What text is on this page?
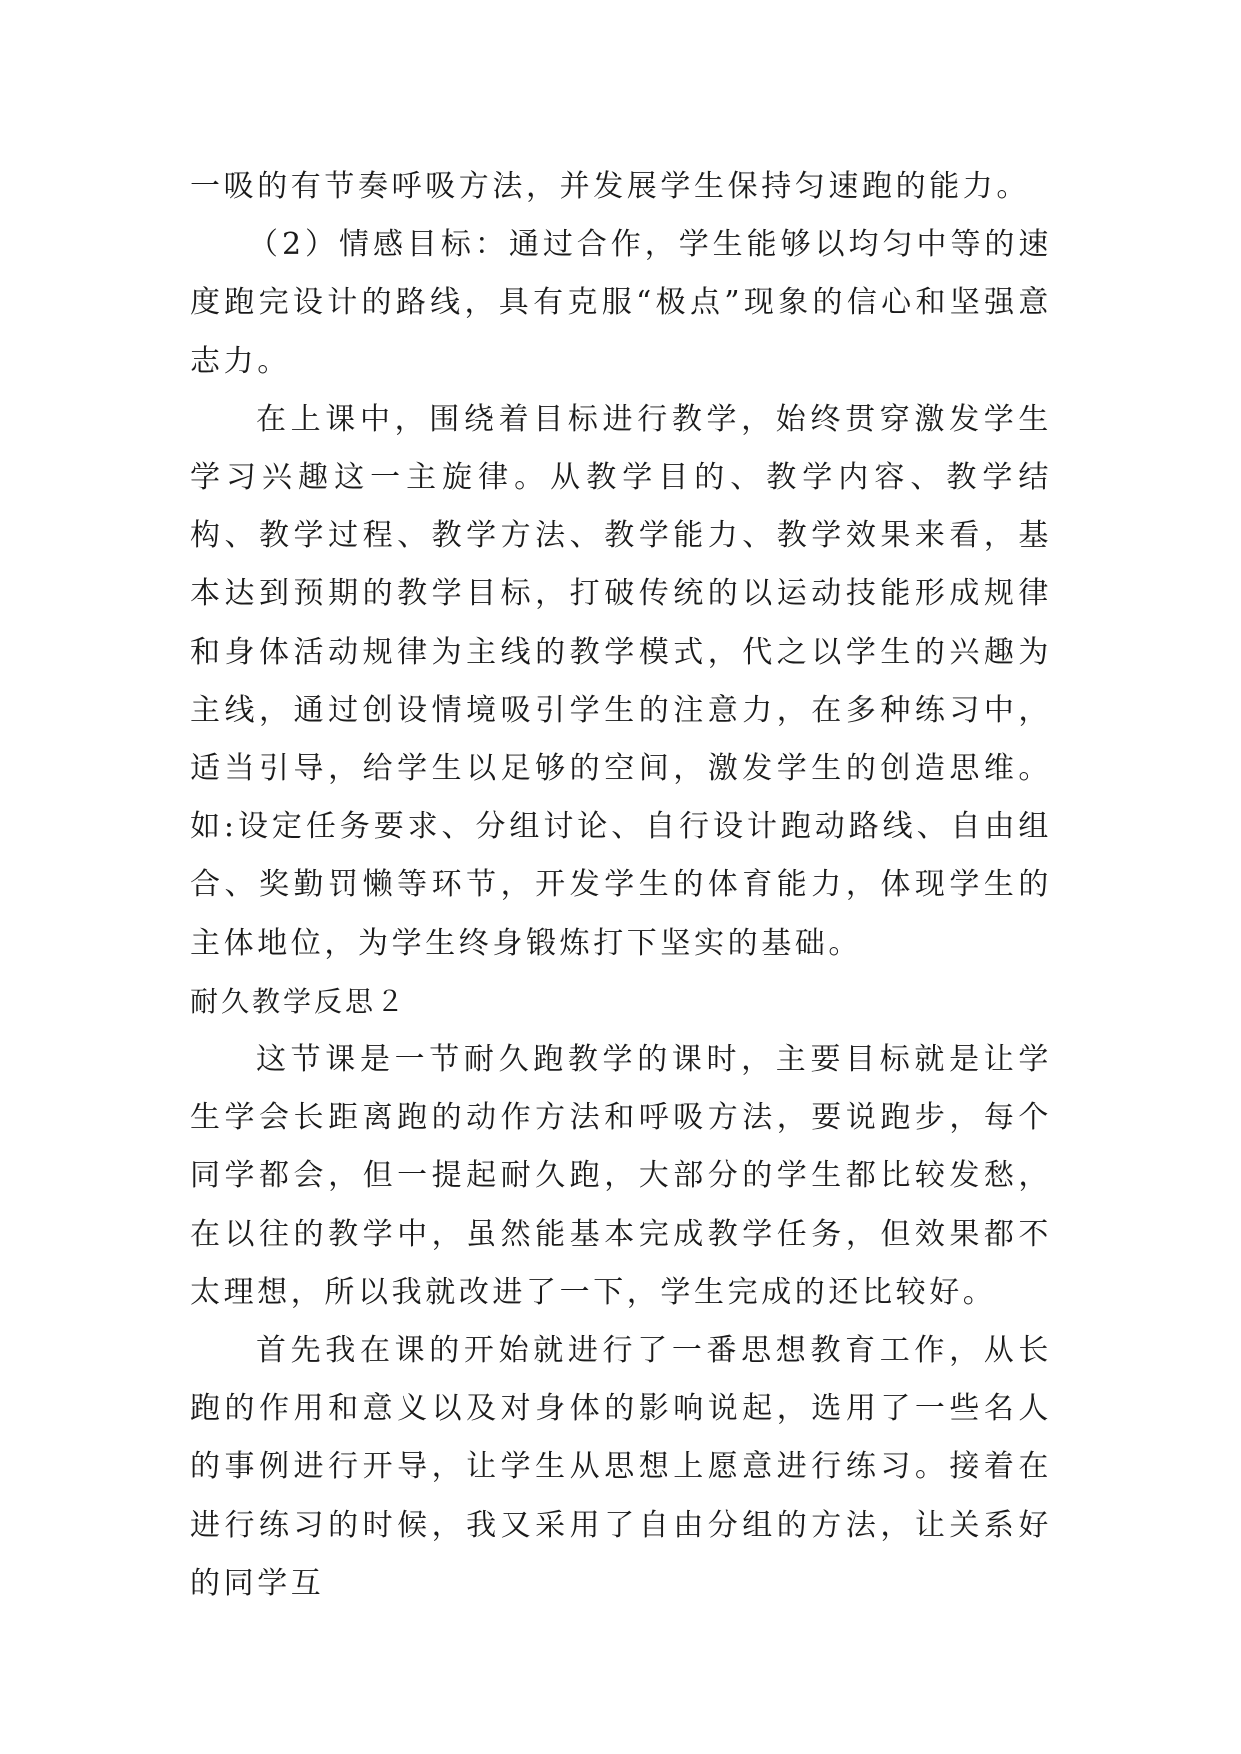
一吸的有节奏呼吸方法，并发展学生保持匀速跑的能力。

（2）情感目标：通过合作，学生能够以均匀中等的速度跑完设计的路线，具有克服“极点”现象的信心和坚强意志力。

在上课中，围绕着目标进行教学，始终贯穿激发学生学习兴趣这一主旋律。从教学目的、教学内容、教学结构、教学过程、教学方法、教学能力、教学效果来看，基本达到预期的教学目标，打破传统的以运动技能形成规律和身体活动规律为主线的教学模式，代之以学生的兴趣为主线，通过创设情境吸引学生的注意力，在多种练习中，适当引导，给学生以足够的空间，激发学生的创造思维。如:设定任务要求、分组讨论、自行设计跑动路线、自由组合、奖勤罚懒等环节，开发学生的体育能力，体现学生的主体地位，为学生终身锻炼打下坚实的基础。

耐久教学反思２

这节课是一节耐久跑教学的课时，主要目标就是让学生学会长距离跑的动作方法和呼吸方法，要说跑步，每个同学都会，但一提起耐久跑，大部分的学生都比较发愁，在以往的教学中，虽然能基本完成教学任务，但效果都不太理想，所以我就改进了一下，学生完成的还比较好。

首先我在课的开始就进行了一番思想教育工作，从长跑的作用和意义以及对身体的影响说起，选用了一些名人的事例进行开导，让学生从思想上愿意进行练习。接着在进行练习的时候，我又采用了自由分组的方法，让关系好的同学互
